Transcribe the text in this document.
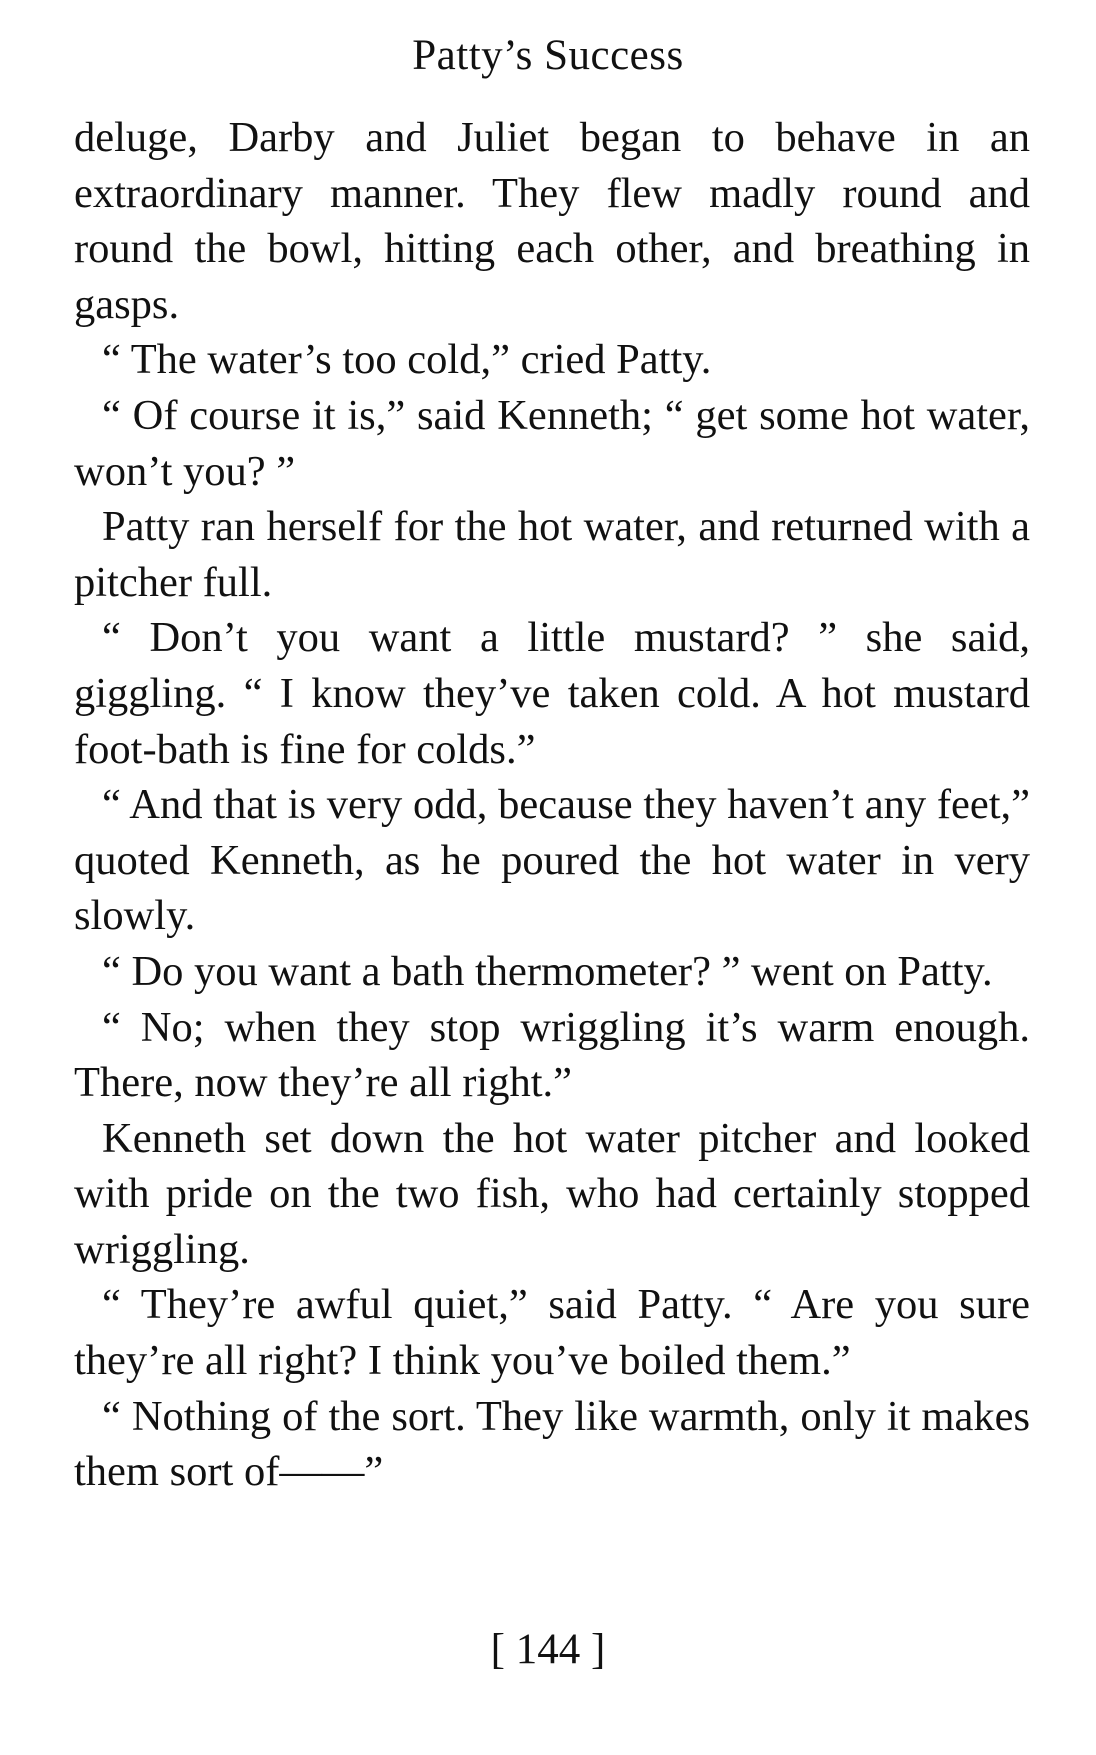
Patty’s Success

deluge, Darby and Juliet began to behave in an extraordinary manner. They flew madly round and round the bowl, hitting each other, and breathing in gasps.

“ The water’s too cold,” cried Patty.

“ Of course it is,” said Kenneth; “ get some hot water, won’t you? ”

Patty ran herself for the hot water, and returned with a pitcher full.

“ Don’t you want a little mustard? ” she said, giggling. “ I know they’ve taken cold. A hot mustard foot-bath is fine for colds.”

“ And that is very odd, because they haven’t any feet,” quoted Kenneth, as he poured the hot water in very slowly.

“ Do you want a bath thermometer? ” went on Patty.

“ No; when they stop wriggling it’s warm enough. There, now they’re all right.”

Kenneth set down the hot water pitcher and looked with pride on the two fish, who had certainly stopped wriggling.

“ They’re awful quiet,” said Patty. “ Are you sure they’re all right? I think you’ve boiled them.”

“ Nothing of the sort. They like warmth, only it makes them sort of——”

[ 144 ]
